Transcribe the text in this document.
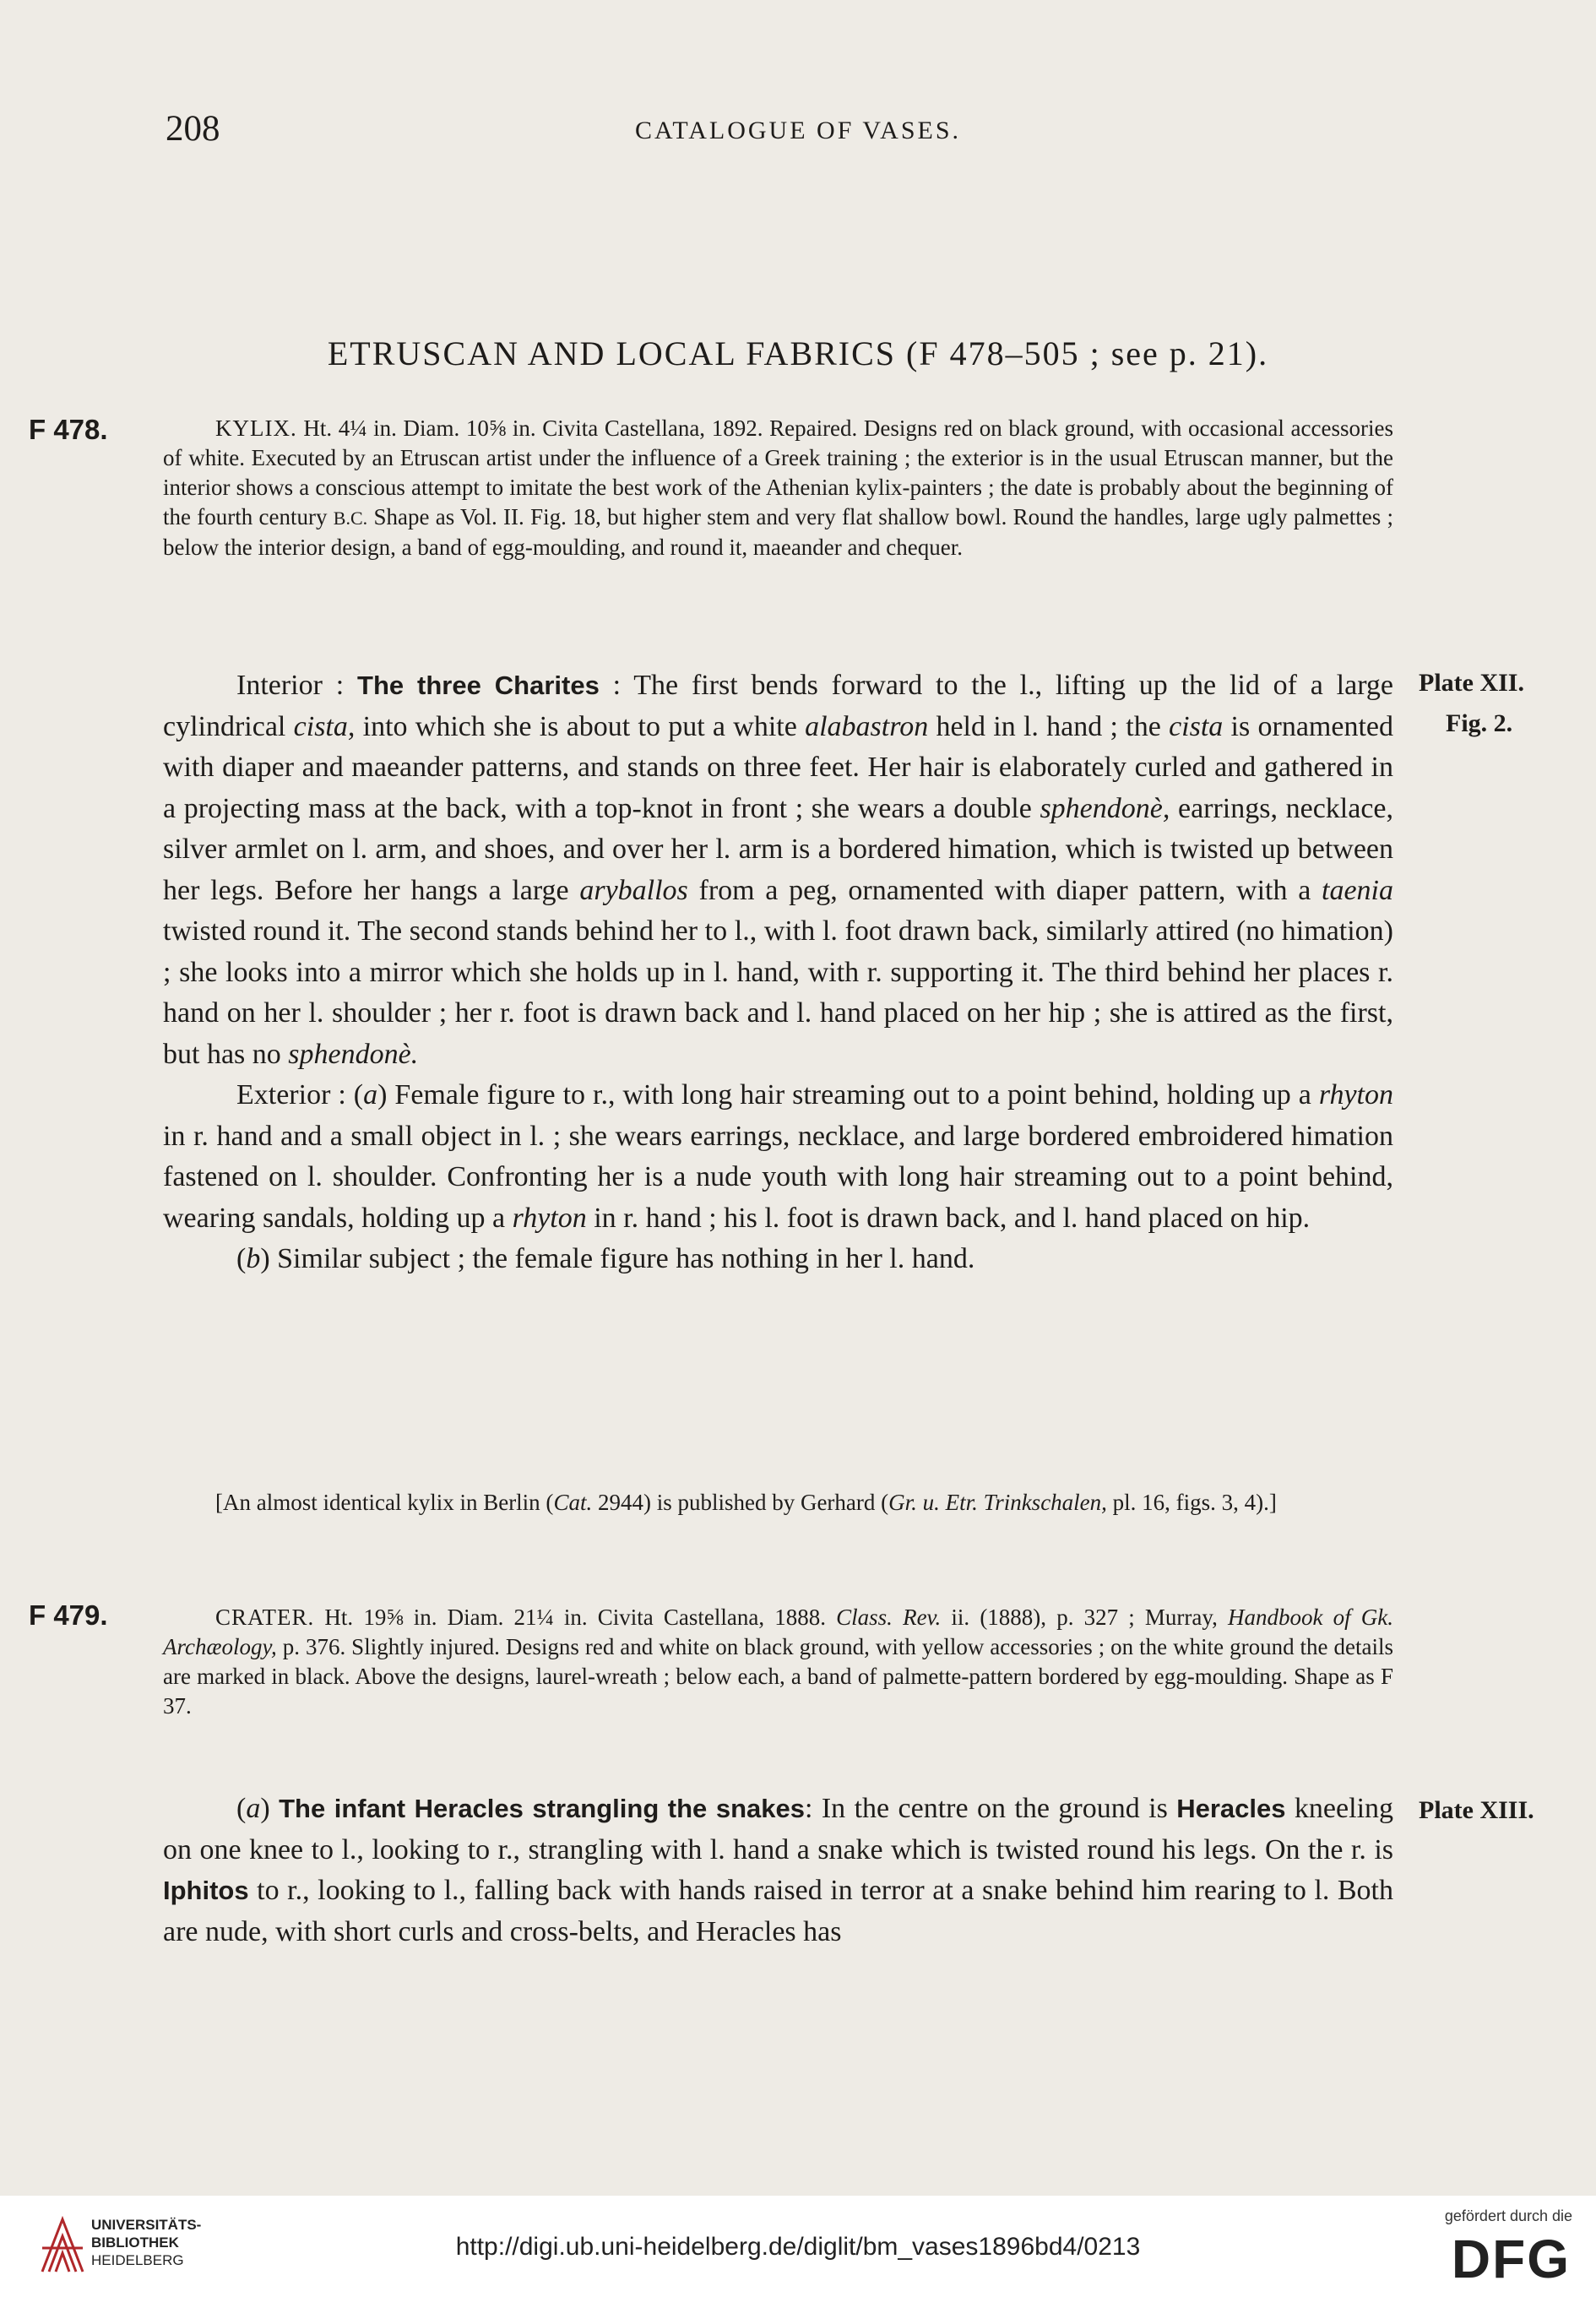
208	CATALOGUE OF VASES.
ETRUSCAN AND LOCAL FABRICS (F 478–505 ; see p. 21).
F 478.	KYLIX. Ht. 4¼ in. Diam. 10⅝ in. Civita Castellana, 1892. Repaired. Designs red on black ground, with occasional accessories of white. Executed by an Etruscan artist under the influence of a Greek training ; the exterior is in the usual Etruscan manner, but the interior shows a conscious attempt to imitate the best work of the Athenian kylix-painters ; the date is probably about the beginning of the fourth century B.C. Shape as Vol. II. Fig. 18, but higher stem and very flat shallow bowl. Round the handles, large ugly palmettes ; below the interior design, a band of egg-moulding, and round it, maeander and chequer.

Plate XII.
Fig. 2.

Interior : The three Charites : The first bends forward to the l., lifting up the lid of a large cylindrical cista, into which she is about to put a white alabastron held in l. hand ; the cista is ornamented with diaper and maeander patterns, and stands on three feet. Her hair is elaborately curled and gathered in a projecting mass at the back, with a top-knot in front ; she wears a double sphendonè, earrings, necklace, silver armlet on l. arm, and shoes, and over her l. arm is a bordered himation, which is twisted up between her legs. Before her hangs a large aryballos from a peg, ornamented with diaper pattern, with a taenia twisted round it. The second stands behind her to l., with l. foot drawn back, similarly attired (no himation) ; she looks into a mirror which she holds up in l. hand, with r. supporting it. The third behind her places r. hand on her l. shoulder ; her r. foot is drawn back and l. hand placed on her hip ; she is attired as the first, but has no sphendonè.

Exterior : (a) Female figure to r., with long hair streaming out to a point behind, holding up a rhyton in r. hand and a small object in l. ; she wears earrings, necklace, and large bordered embroidered himation fastened on l. shoulder. Confronting her is a nude youth with long hair streaming out to a point behind, wearing sandals, holding up a rhyton in r. hand ; his l. foot is drawn back, and l. hand placed on hip.

(b) Similar subject ; the female figure has nothing in her l. hand.

[An almost identical kylix in Berlin (Cat. 2944) is published by Gerhard (Gr. u. Etr. Trinkschalen, pl. 16, figs. 3, 4).]

F 479.	CRATER. Ht. 19⅝ in. Diam. 21¼ in. Civita Castellana, 1888. Class. Rev. ii. (1888), p. 327 ; Murray, Handbook of Gk. Archæology, p. 376. Slightly injured. Designs red and white on black ground, with yellow accessories ; on the white ground the details are marked in black. Above the designs, laurel-wreath ; below each, a band of palmette-pattern bordered by egg-moulding. Shape as F 37.

Plate XIII.

(a) The infant Heracles strangling the snakes: In the centre on the ground is Heracles kneeling on one knee to l., looking to r., strangling with l. hand a snake which is twisted round his legs. On the r. is Iphitos to r., looking to l., falling back with hands raised in terror at a snake behind him rearing to l. Both are nude, with short curls and cross-belts, and Heracles has

UNIVERSITÄTS-
BIBLIOTHEK
HEIDELBERG	http://digi.ub.uni-heidelberg.de/diglit/bm_vases1896bd4/0213
gefördert durch die
DFG
